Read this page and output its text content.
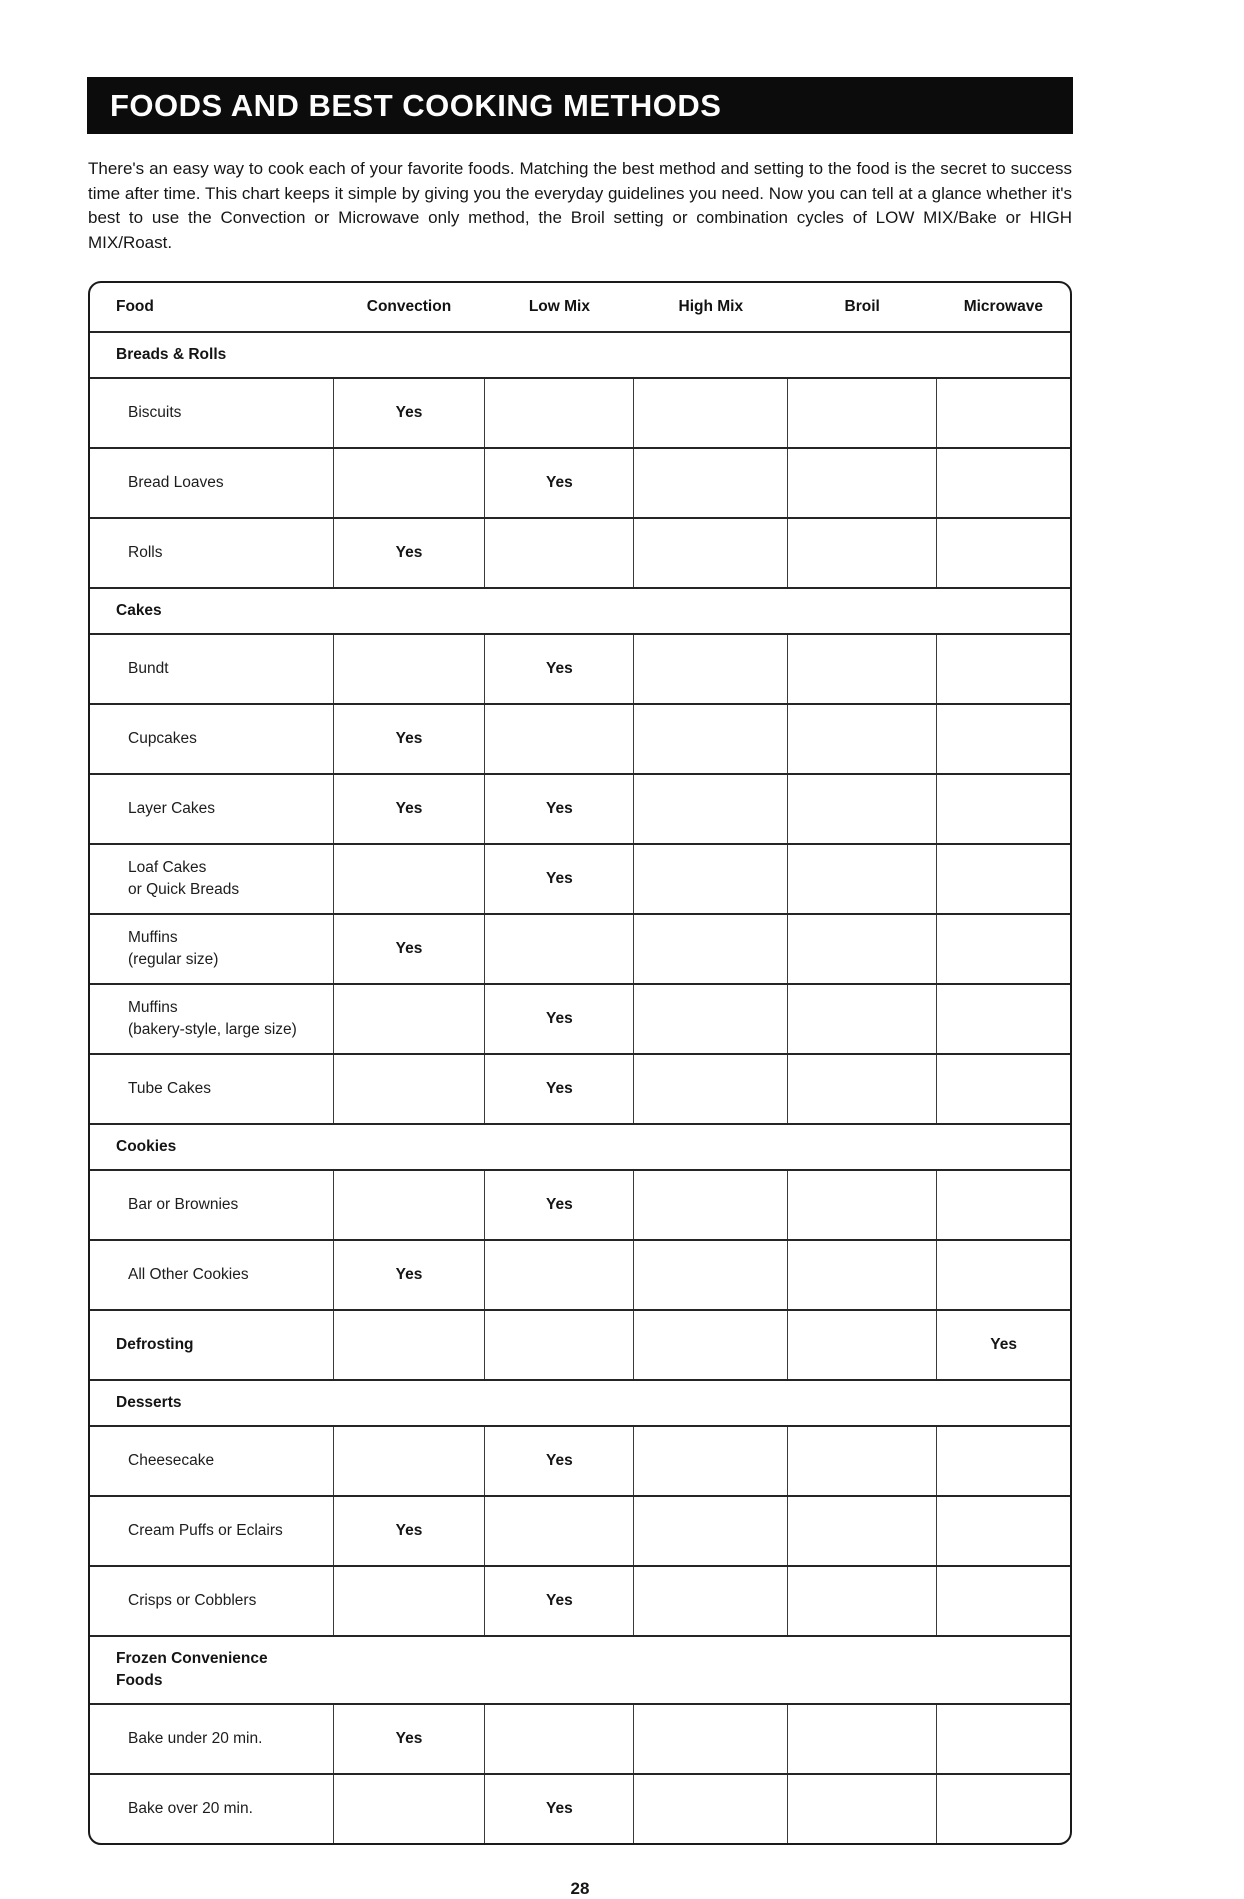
FOODS AND BEST COOKING METHODS

There's an easy way to cook each of your favorite foods. Matching the best method and setting to the food is the secret to success time after time. This chart keeps it simple by giving you the everyday guidelines you need. Now you can tell at a glance whether it's best to use the Convection or Microwave only method, the Broil setting or combination cycles of LOW MIX/Bake or HIGH MIX/Roast.

Food	Convection	Low Mix	High Mix	Broil	Microwave

Breads & Rolls					

Biscuits	Yes				

Bread Loaves		Yes			

Rolls	Yes				

Cakes					

Bundt		Yes			

Cupcakes	Yes				

Layer Cakes	Yes	Yes			

Loaf Cakes
or Quick Breads		Yes			

Muffins
(regular size)	Yes				

Muffins
(bakery-style, large size)		Yes			

Tube Cakes		Yes			

Cookies					

Bar or Brownies		Yes			

All Other Cookies	Yes				

Defrosting					Yes

Desserts					

Cheesecake		Yes			

Cream Puffs or Eclairs	Yes				

Crisps or Cobblers		Yes			

Frozen Convenience
Foods					

Bake under 20 min.	Yes				

Bake over 20 min.		Yes			
28
